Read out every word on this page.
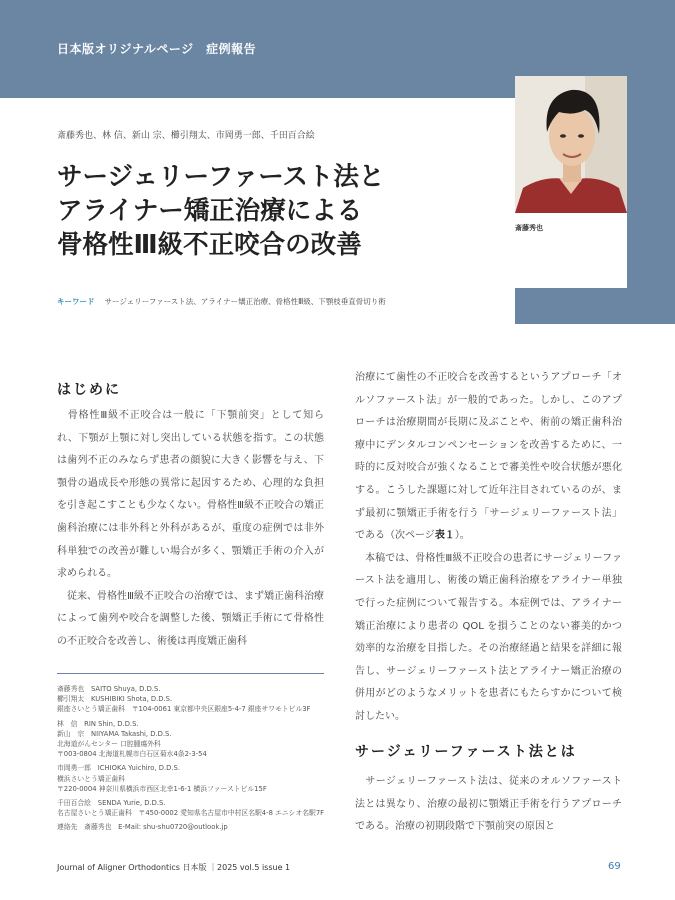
日本版オリジナルページ　症例報告
斎藤秀也
斎藤秀也、林 信、新山 宗、櫛引翔太、市岡勇一郎、千田百合絵
サージェリーファースト法と
アライナー矯正治療による
骨格性Ⅲ級不正咬合の改善
キーワード サージェリーファースト法、アライナー矯正治療、骨格性Ⅲ級、下顎枝垂直骨切り術
はじめに

　骨格性Ⅲ級不正咬合は一般に「下顎前突」として知られ、下顎が上顎に対し突出している状態を指す。この状態は歯列不正のみならず患者の顔貌に大きく影響を与え、下顎骨の過成長や形態の異常に起因するため、心理的な負担を引き起こすことも少なくない。骨格性Ⅲ級不正咬合の矯正歯科治療には非外科と外科があるが、重度の症例では非外科単独での改善が難しい場合が多く、顎矯正手術の介入が求められる。

　従来、骨格性Ⅲ級不正咬合の治療では、まず矯正歯科治療によって歯列や咬合を調整した後、顎矯正手術にて骨格性の不正咬合を改善し、術後は再度矯正歯科

治療にて歯性の不正咬合を改善するというアプローチ「オルソファースト法」が一般的であった。しかし、このアプローチは治療期間が長期に及ぶことや、術前の矯正歯科治療中にデンタルコンペンセーションを改善するために、一時的に反対咬合が強くなることで審美性や咬合状態が悪化する。こうした課題に対して近年注目されているのが、まず最初に顎矯正手術を行う「サージェリーファースト法」である（次ページ表１）。

　本稿では、骨格性Ⅲ級不正咬合の患者にサージェリーファースト法を適用し、術後の矯正歯科治療をアライナー単独で行った症例について報告する。本症例では、アライナー矯正治療により患者の QOL を損うことのない審美的かつ効率的な治療を目指した。その治療経過と結果を詳細に報告し、サージェリーファースト法とアライナー矯正治療の併用がどのようなメリットを患者にもたらすかについて検討したい。

サージェリーファースト法とは

　サージェリーファースト法は、従来のオルソファースト法とは異なり、治療の最初に顎矯正手術を行うアプローチである。治療の初期段階で下顎前突の原因と

斎藤秀也　SAITO Shuya, D.D.S.
櫛引翔太　KUSHIBIKI Shota, D.D.S.
銀座さいとう矯正歯科　〒104-0061 東京都中央区銀座5-4-7 銀座サワモトビル3F
林　信　RIN Shin, D.D.S.
新山　宗　NIIYAMA Takashi, D.D.S.
北海道がんセンター 口腔腫瘍外科
〒003-0804 北海道札幌市白石区菊水4条2-3-54
市岡勇一郎　ICHIOKA Yuichiro, D.D.S.
横浜さいとう矯正歯科
〒220-0004 神奈川県横浜市西区北幸1-6-1 横浜ファーストビル15F
千田百合絵　SENDA Yurie, D.D.S.
名古屋さいとう矯正歯科　〒450-0002 愛知県名古屋市中村区名駅4-8 エニシオ名駅7F
連絡先　斎藤秀也　E-Mail: shu-shu0720@outlook.jp
Journal of Aligner Orthodontics 日本版 ｜2025 vol.5 issue 1	69
